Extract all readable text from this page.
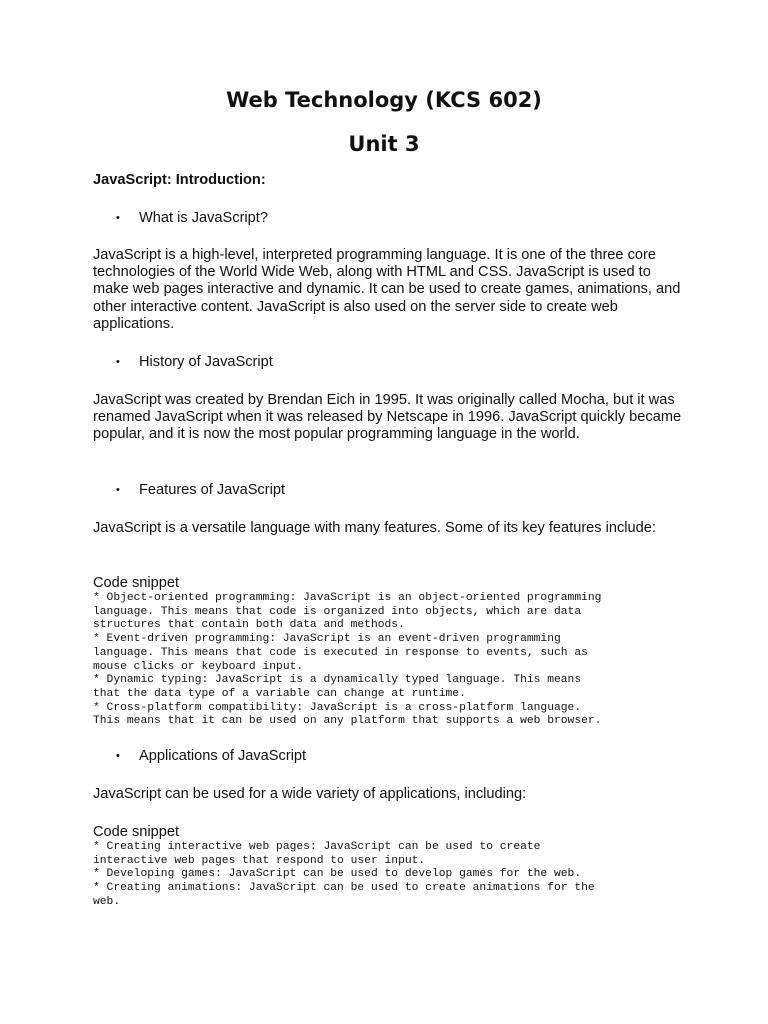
Web Technology (KCS 602)
Unit 3

JavaScript: Introduction:

• What is JavaScript?

JavaScript is a high-level, interpreted programming language. It is one of the three core technologies of the World Wide Web, along with HTML and CSS. JavaScript is used to make web pages interactive and dynamic. It can be used to create games, animations, and other interactive content. JavaScript is also used on the server side to create web applications.

• History of JavaScript

JavaScript was created by Brendan Eich in 1995. It was originally called Mocha, but it was renamed JavaScript when it was released by Netscape in 1996. JavaScript quickly became popular, and it is now the most popular programming language in the world.

• Features of JavaScript

JavaScript is a versatile language with many features. Some of its key features include:

Code snippet

* Object-oriented programming: JavaScript is an object-oriented programming
language. This means that code is organized into objects, which are data
structures that contain both data and methods.
* Event-driven programming: JavaScript is an event-driven programming
language. This means that code is executed in response to events, such as
mouse clicks or keyboard input.
* Dynamic typing: JavaScript is a dynamically typed language. This means
that the data type of a variable can change at runtime.
* Cross-platform compatibility: JavaScript is a cross-platform language.
This means that it can be used on any platform that supports a web browser.

• Applications of JavaScript

JavaScript can be used for a wide variety of applications, including:

Code snippet

* Creating interactive web pages: JavaScript can be used to create
interactive web pages that respond to user input.
* Developing games: JavaScript can be used to develop games for the web.
* Creating animations: JavaScript can be used to create animations for the
web.
